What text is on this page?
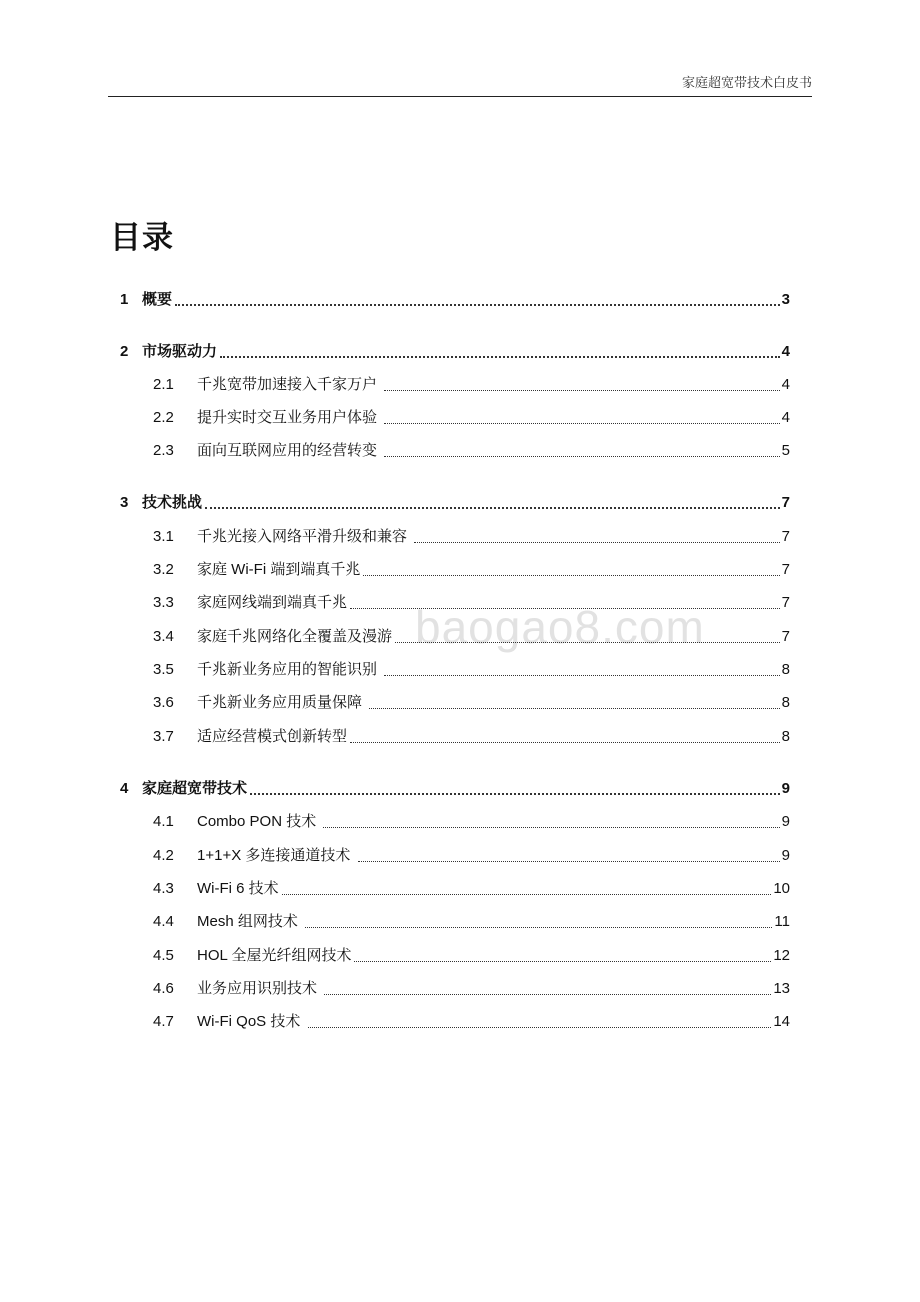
家庭超宽带技术白皮书
目录
baogao8.com
1 概要	3
2 市场驱动力	4
2.1	千兆宽带加速接入千家万户	4
2.2	提升实时交互业务用户体验	4
2.3	面向互联网应用的经营转变	5
3 技术挑战	7
3.1	千兆光接入网络平滑升级和兼容	7
3.2	家庭 Wi-Fi 端到端真千兆	7
3.3	家庭网线端到端真千兆	7
3.4	家庭千兆网络化全覆盖及漫游	7
3.5	千兆新业务应用的智能识别	8
3.6	千兆新业务应用质量保障	8
3.7	适应经营模式创新转型	8
4 家庭超宽带技术	9
4.1	Combo PON 技术	9
4.2	1+1+X 多连接通道技术	9
4.3	Wi-Fi 6 技术	10
4.4	Mesh 组网技术	11
4.5	HOL 全屋光纤组网技术	12
4.6	业务应用识别技术	13
4.7	Wi-Fi QoS 技术	14
